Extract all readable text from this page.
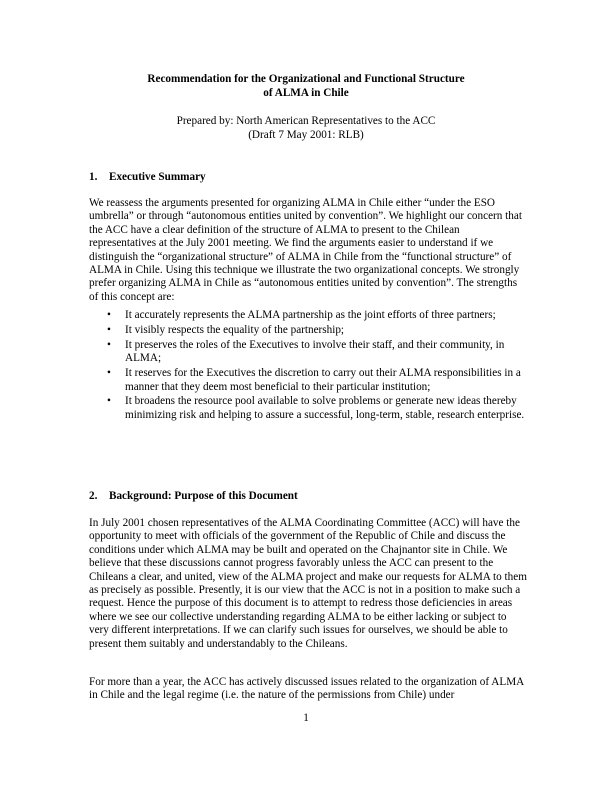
Recommendation for the Organizational and Functional Structure
of ALMA in Chile
Prepared by: North American Representatives to the ACC
(Draft 7 May 2001: RLB)
1. Executive Summary

We reassess the arguments presented for organizing ALMA in Chile either “under the ESO umbrella” or through “autonomous entities united by convention”. We highlight our concern that the ACC have a clear definition of the structure of ALMA to present to the Chilean representatives at the July 2001 meeting. We find the arguments easier to understand if we distinguish the “organizational structure” of ALMA in Chile from the “functional structure” of ALMA in Chile. Using this technique we illustrate the two organizational concepts. We strongly prefer organizing ALMA in Chile as “autonomous entities united by convention”. The strengths of this concept are:

• It accurately represents the ALMA partnership as the joint efforts of three partners;
• It visibly respects the equality of the partnership;
• It preserves the roles of the Executives to involve their staff, and their community, in ALMA;
• It reserves for the Executives the discretion to carry out their ALMA responsibilities in a manner that they deem most beneficial to their particular institution;
• It broadens the resource pool available to solve problems or generate new ideas thereby minimizing risk and helping to assure a successful, long-term, stable, research enterprise.
2. Background: Purpose of this Document

In July 2001 chosen representatives of the ALMA Coordinating Committee (ACC) will have the opportunity to meet with officials of the government of the Republic of Chile and discuss the conditions under which ALMA may be built and operated on the Chajnantor site in Chile. We believe that these discussions cannot progress favorably unless the ACC can present to the Chileans a clear, and united, view of the ALMA project and make our requests for ALMA to them as precisely as possible. Presently, it is our view that the ACC is not in a position to make such a request. Hence the purpose of this document is to attempt to redress those deficiencies in areas where we see our collective understanding regarding ALMA to be either lacking or subject to very different interpretations. If we can clarify such issues for ourselves, we should be able to present them suitably and understandably to the Chileans.

For more than a year, the ACC has actively discussed issues related to the organization of ALMA in Chile and the legal regime (i.e. the nature of the permissions from Chile) under

1
